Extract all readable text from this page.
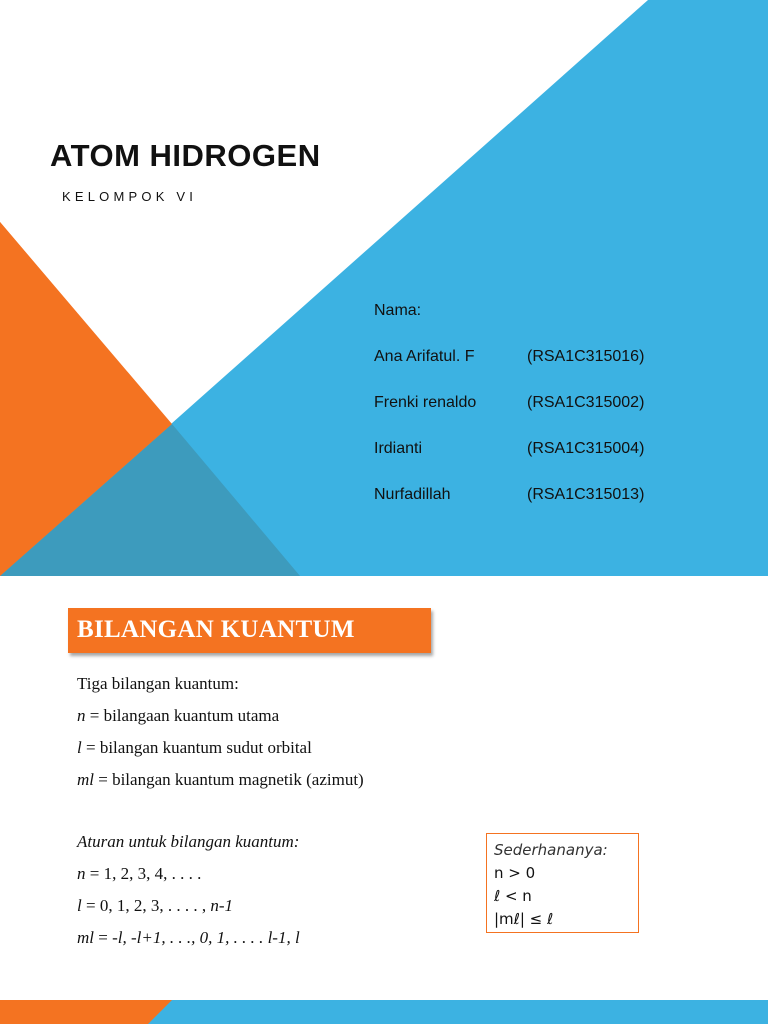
ATOM HIDROGEN
KELOMPOK VI
Nama:
Ana Arifatul. F	(RSA1C315016)
Frenki renaldo	(RSA1C315002)
Irdianti	(RSA1C315004)
Nurfadillah	(RSA1C315013)
BILANGAN KUANTUM

Tiga bilangan kuantum:

n = bilangaan kuantum utama

l = bilangan kuantum sudut orbital

ml = bilangan kuantum magnetik (azimut)

Aturan untuk bilangan kuantum:

n = 1, 2, 3, 4, . . . .

l = 0, 1, 2, 3, . . . . , n-1

ml = -l, -l+1, . . ., 0, 1, . . . . l-1, l

Sederhananya:
n > 0
ℓ < n
|mℓ| ≤ ℓ
